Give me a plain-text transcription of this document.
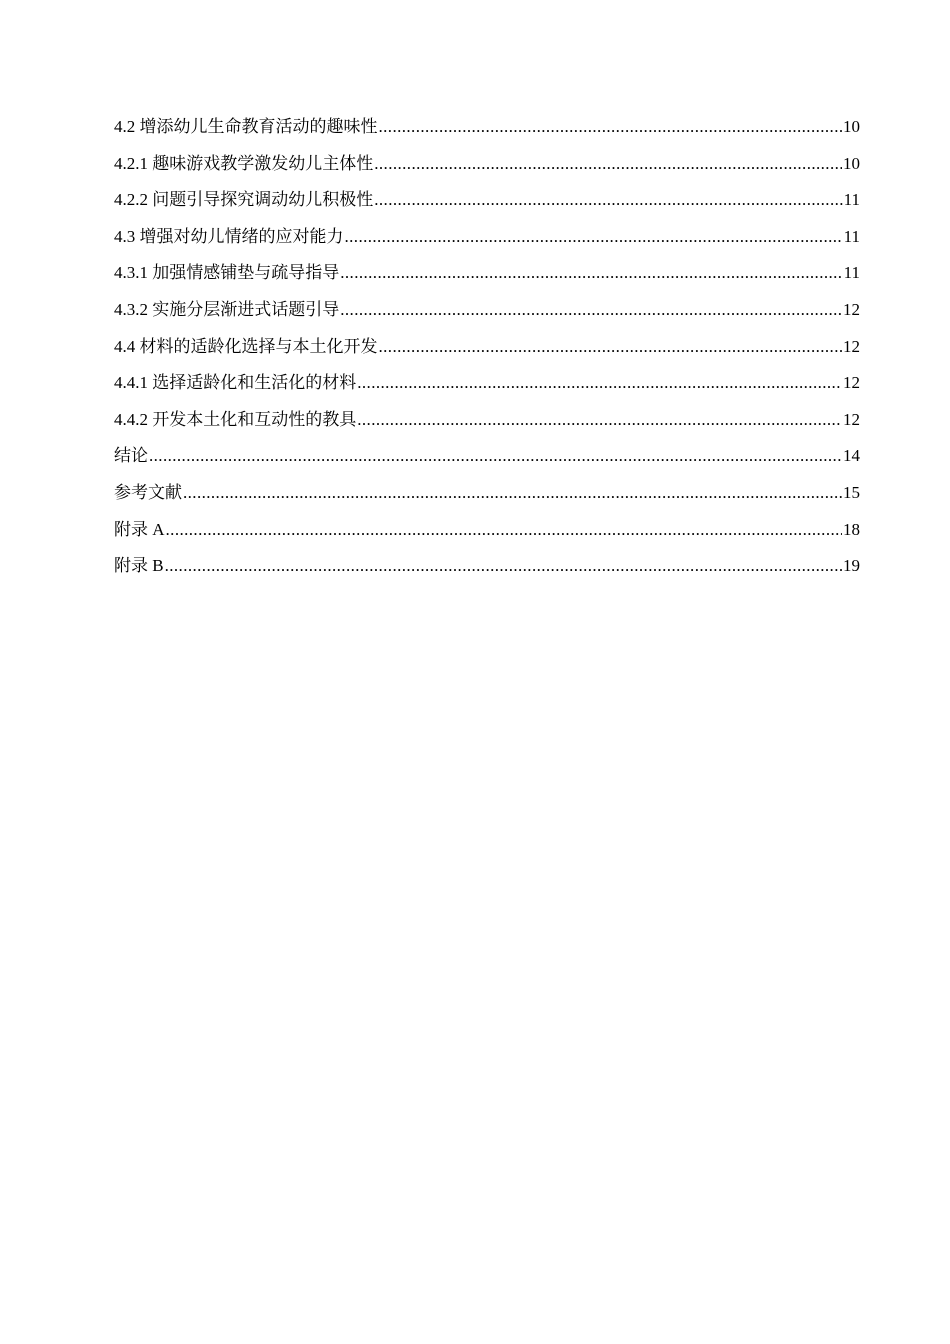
4.2 增添幼儿生命教育活动的趣味性 .....	10
4.2.1 趣味游戏教学激发幼儿主体性 .....	10
4.2.2 问题引导探究调动幼儿积极性 .....	11
4.3 增强对幼儿情绪的应对能力 .....	11
4.3.1 加强情感铺垫与疏导指导 .....	11
4.3.2 实施分层渐进式话题引导 .....	12
4.4 材料的适龄化选择与本土化开发 .....	12
4.4.1 选择适龄化和生活化的材料 .....	12
4.4.2 开发本土化和互动性的教具 .....	12
结论 .....	14
参考文献 .....	15
附录 A .....	18
附录 B .....	19
